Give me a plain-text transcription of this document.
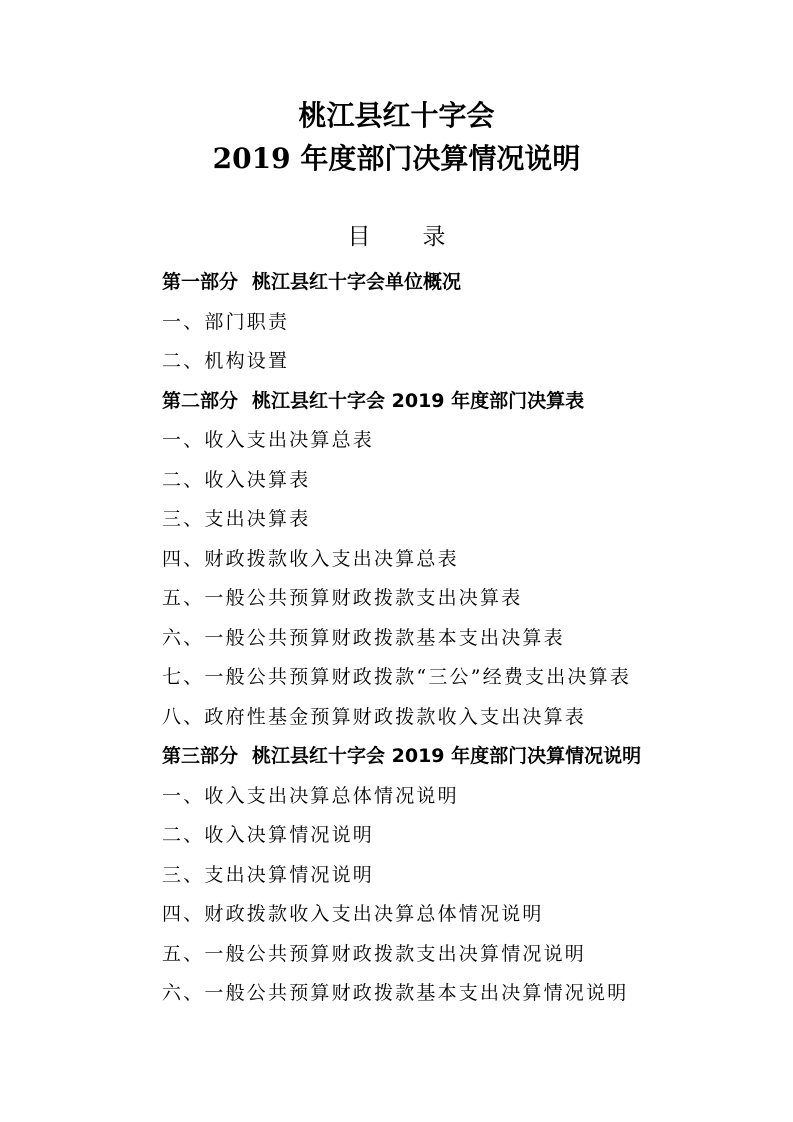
桃江县红十字会
2019 年度部门决算情况说明
目 录
第一部分 桃江县红十字会单位概况
一、部门职责
二、机构设置
第二部分 桃江县红十字会 2019 年度部门决算表
一、收入支出决算总表
二、收入决算表
三、支出决算表
四、财政拨款收入支出决算总表
五、一般公共预算财政拨款支出决算表
六、一般公共预算财政拨款基本支出决算表
七、一般公共预算财政拨款“三公”经费支出决算表
八、政府性基金预算财政拨款收入支出决算表
第三部分 桃江县红十字会 2019 年度部门决算情况说明
一、收入支出决算总体情况说明
二、收入决算情况说明
三、支出决算情况说明
四、财政拨款收入支出决算总体情况说明
五、一般公共预算财政拨款支出决算情况说明
六、一般公共预算财政拨款基本支出决算情况说明
